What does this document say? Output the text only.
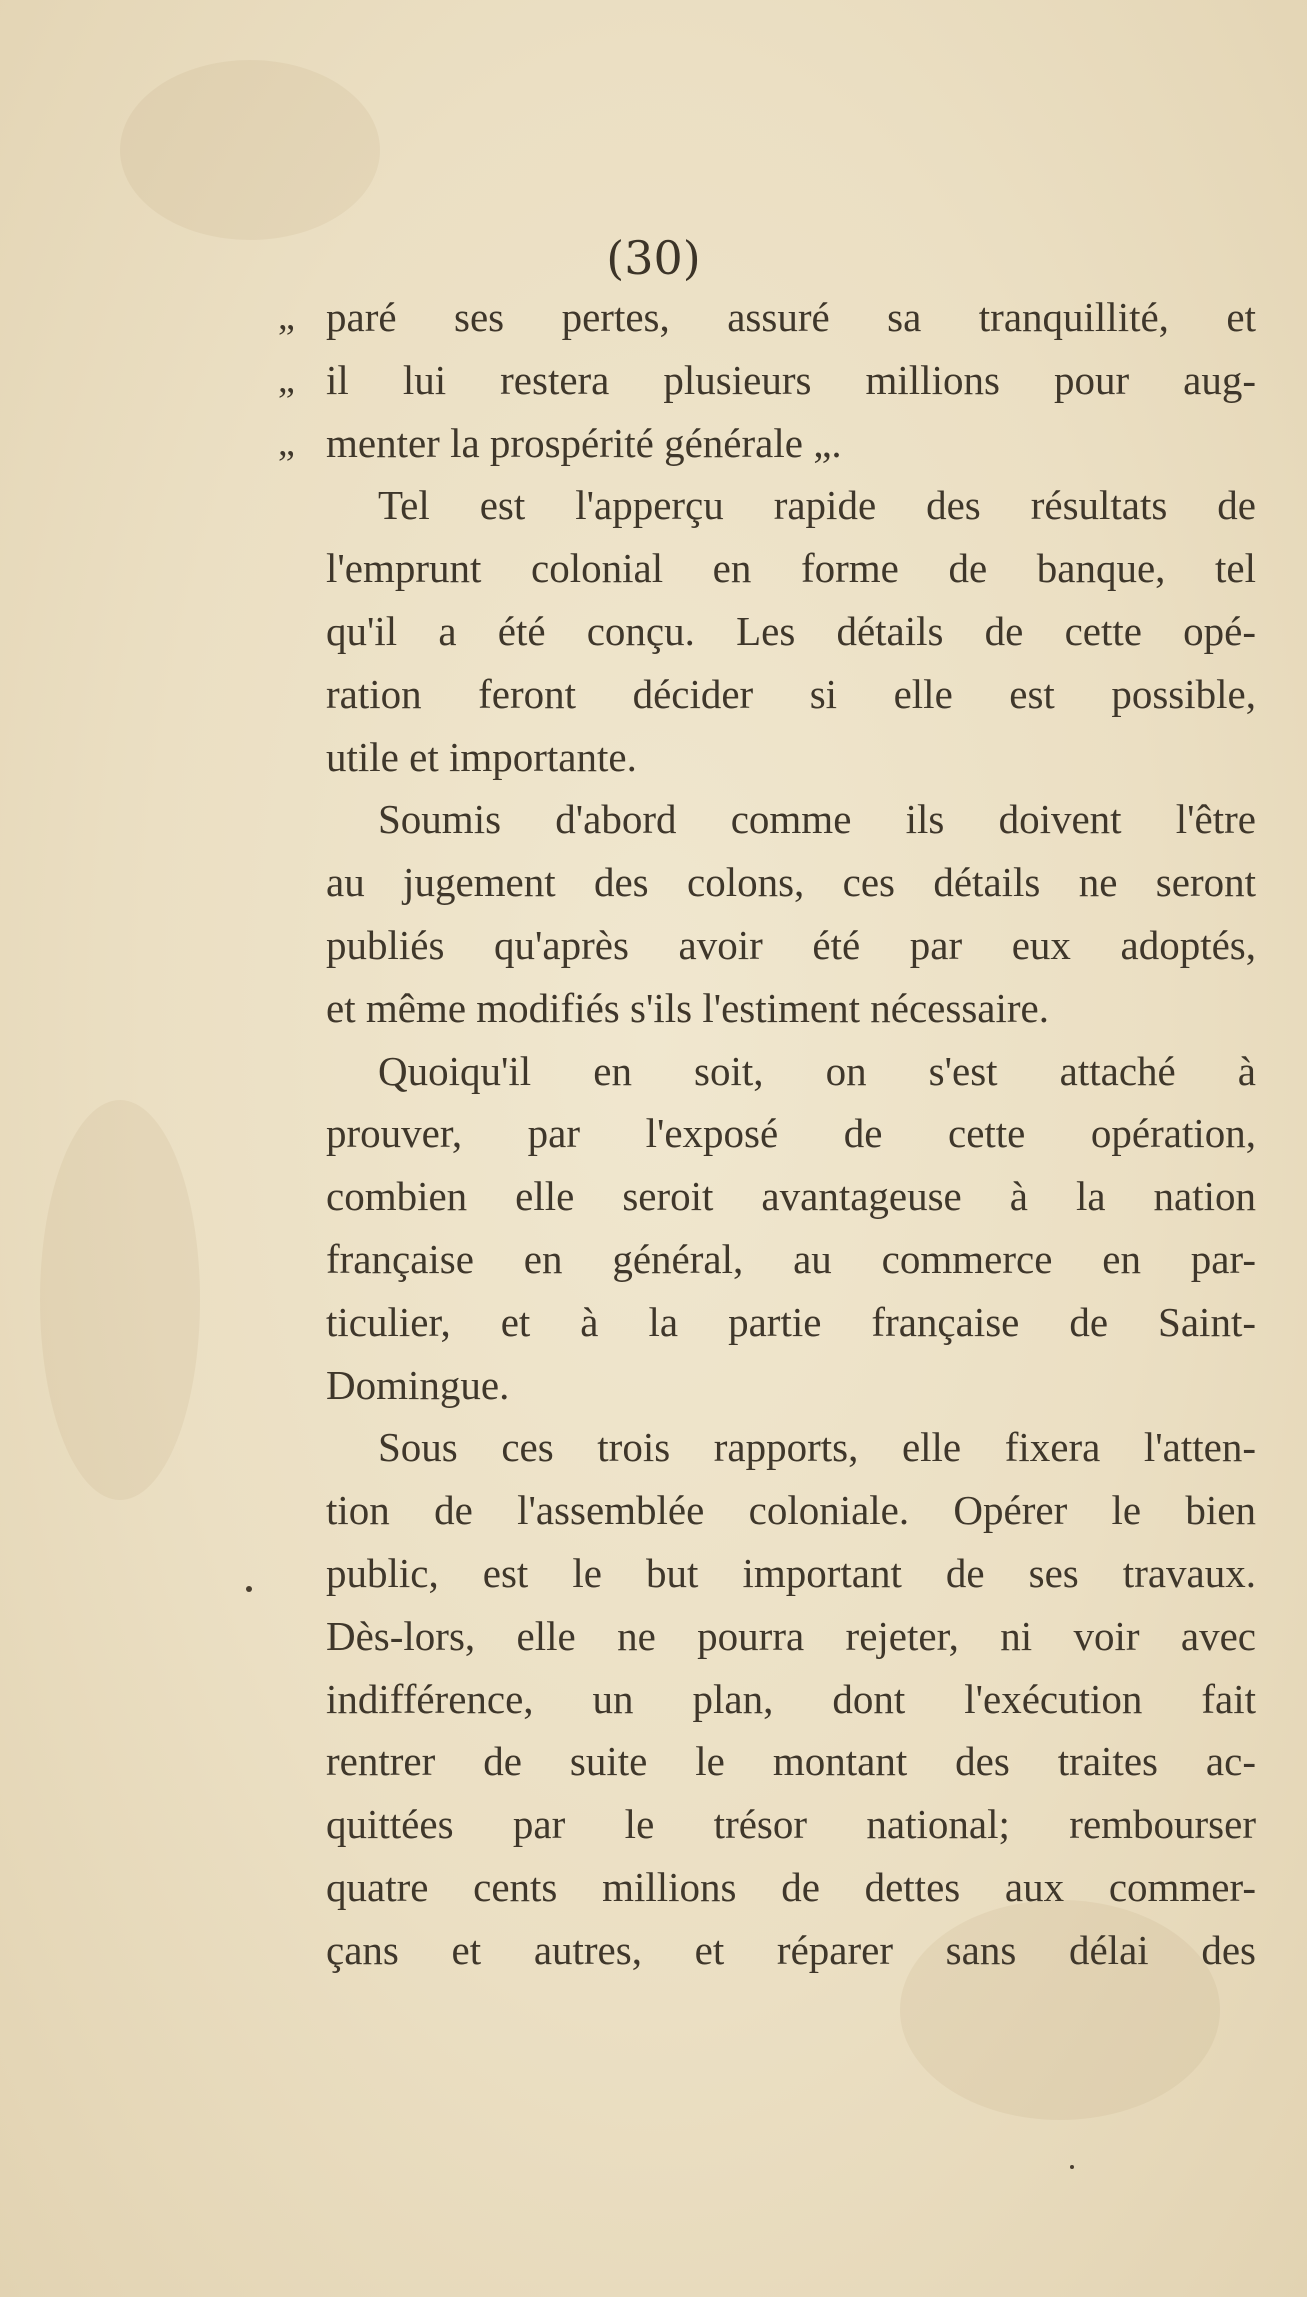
(30)
„ paré ses pertes, assuré sa tranquillité, et
„ il lui restera plusieurs millions pour aug-
„ menter la prospérité générale „.
Tel est l'apperçu rapide des résultats de
l'emprunt colonial en forme de banque, tel
qu'il a été conçu. Les détails de cette opé-
ration feront décider si elle est possible,
utile et importante.
Soumis d'abord comme ils doivent l'être
au jugement des colons, ces détails ne seront
publiés qu'après avoir été par eux adoptés,
et même modifiés s'ils l'estiment nécessaire.
Quoiqu'il en soit, on s'est attaché à
prouver, par l'exposé de cette opération,
combien elle seroit avantageuse à la nation
française en général, au commerce en par-
ticulier, et à la partie française de Saint-
Domingue.
Sous ces trois rapports, elle fixera l'atten-
tion de l'assemblée coloniale. Opérer le bien
public, est le but important de ses travaux.
Dès-lors, elle ne pourra rejeter, ni voir avec
indifférence, un plan, dont l'exécution fait
rentrer de suite le montant des traites ac-
quittées par le trésor national; rembourser
quatre cents millions de dettes aux commer-
çans et autres, et réparer sans délai des
